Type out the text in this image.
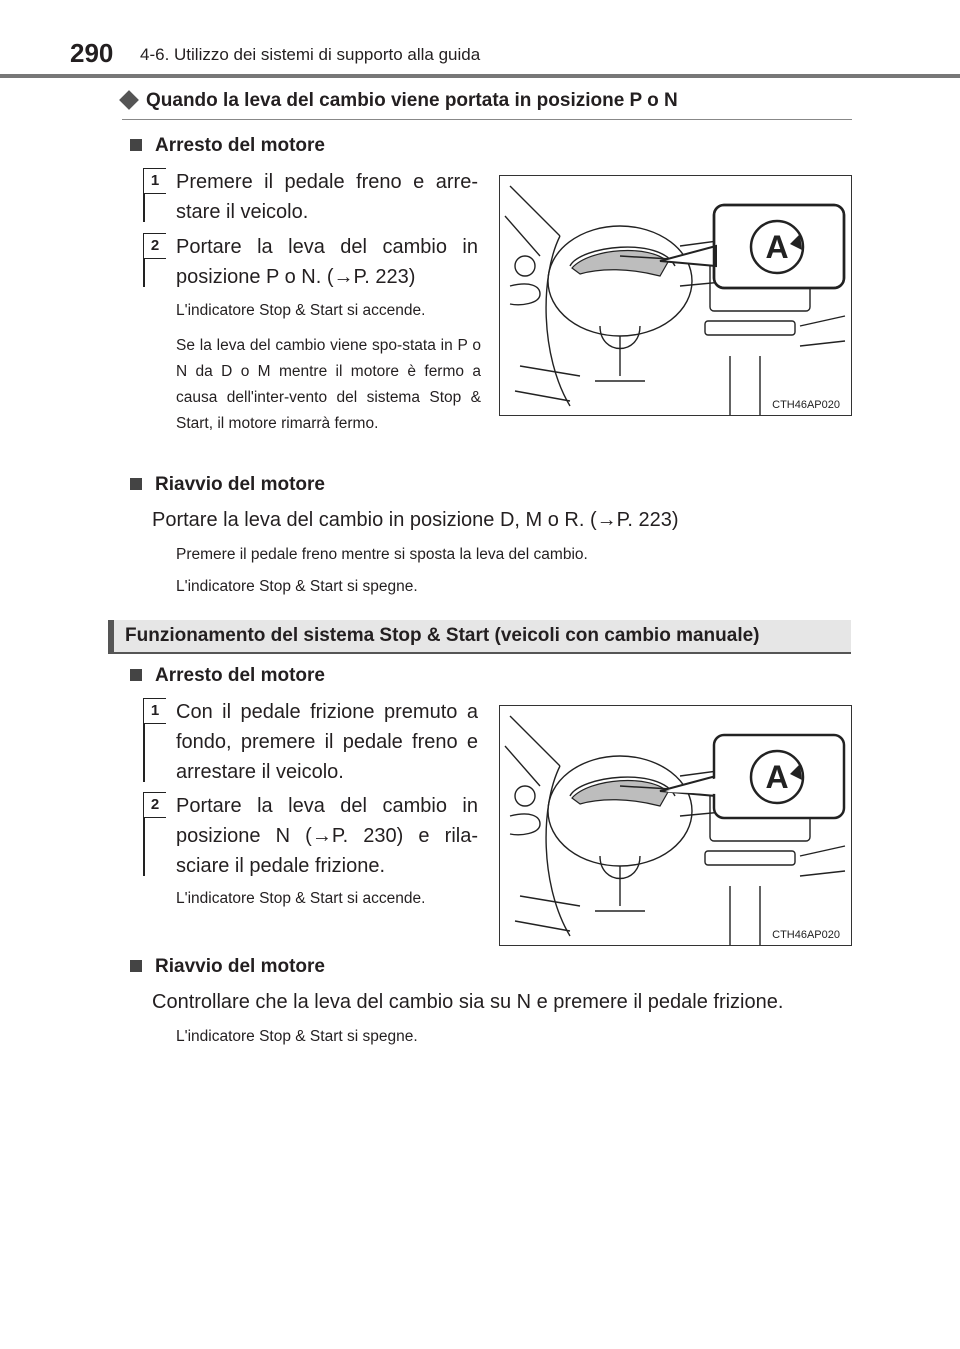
290 4-6. Utilizzo dei sistemi di supporto alla guida
Quando la leva del cambio viene portata in posizione P o N
Arresto del motore
1 Premere il pedale freno e arre-stare il veicolo.
2 Portare la leva del cambio in posizione P o N. (→P. 223)
L'indicatore Stop & Start si accende.
Se la leva del cambio viene spo-stata in P o N da D o M mentre il motore è fermo a causa dell'inter-vento del sistema Stop & Start, il motore rimarrà fermo.
A
CTH46AP020
Riavvio del motore
Portare la leva del cambio in posizione D, M o R. (→P. 223)
Premere il pedale freno mentre si sposta la leva del cambio.
L'indicatore Stop & Start si spegne.
Funzionamento del sistema Stop & Start (veicoli con cambio manuale)
Arresto del motore
1 Con il pedale frizione premuto a fondo, premere il pedale freno e arrestare il veicolo.
2 Portare la leva del cambio in posizione N (→P. 230) e rila-sciare il pedale frizione.
L'indicatore Stop & Start si accende.
A
CTH46AP020
Riavvio del motore
Controllare che la leva del cambio sia su N e premere il pedale frizione.
L'indicatore Stop & Start si spegne.
